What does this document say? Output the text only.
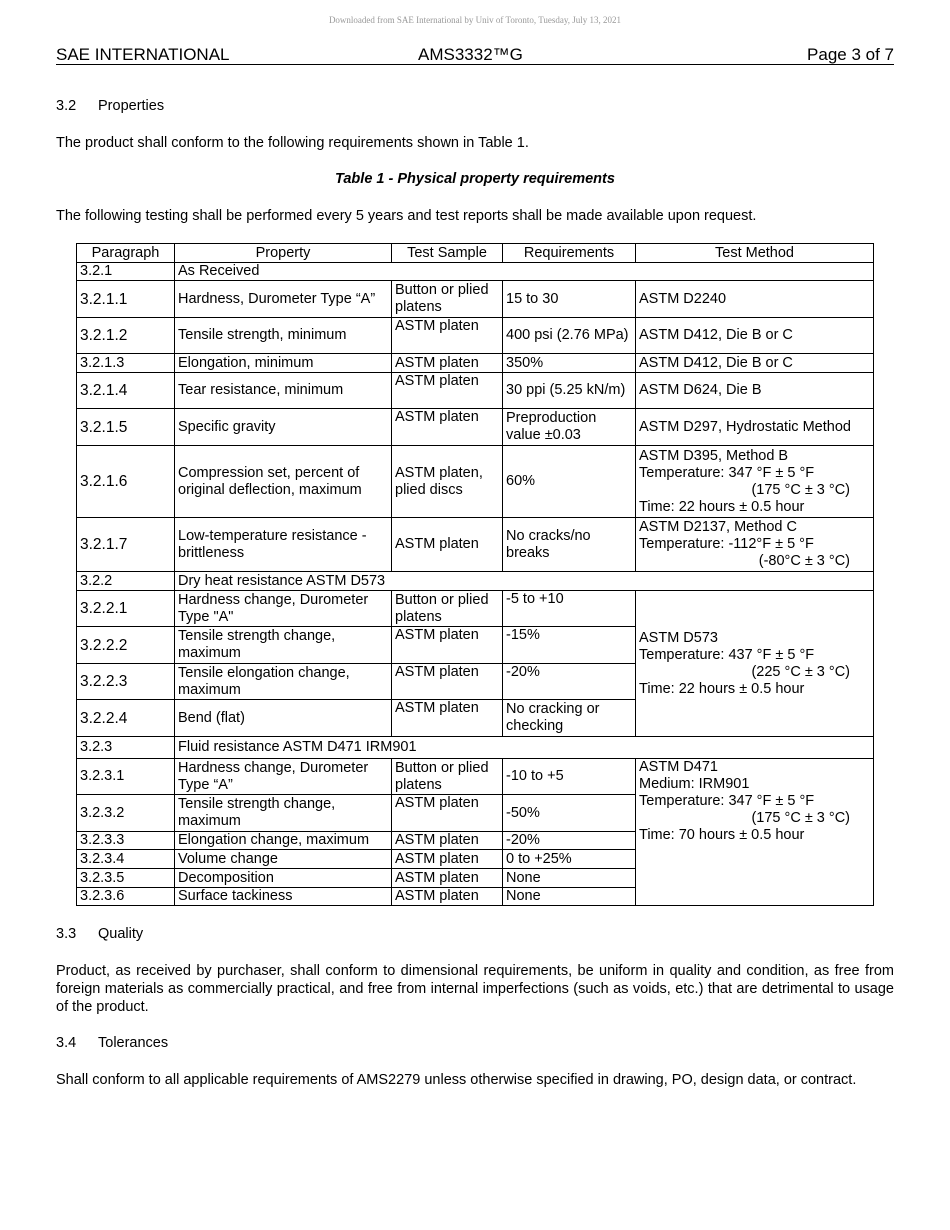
Downloaded from SAE International by Univ of Toronto, Tuesday, July 13, 2021
SAE INTERNATIONAL	AMS3332™G	Page 3 of 7
3.2 Properties
The product shall conform to the following requirements shown in Table 1.
Table 1 - Physical property requirements
The following testing shall be performed every 5 years and test reports shall be made available upon request.
Paragraph	Property	Test Sample	Requirements	Test Method
3.2.1	As Received			
3.2.1.1	Hardness, Durometer Type “A”	Button or plied platens	15 to 30	ASTM D2240
3.2.1.2	Tensile strength, minimum	ASTM platen	400 psi (2.76 MPa)	ASTM D412, Die B or C
3.2.1.3	Elongation, minimum	ASTM platen	350%	ASTM D412, Die B or C
3.2.1.4	Tear resistance, minimum	ASTM platen	30 ppi (5.25 kN/m)	ASTM D624, Die B
3.2.1.5	Specific gravity	ASTM platen	Preproduction value ±0.03	ASTM D297, Hydrostatic Method
3.2.1.6	Compression set, percent of original deflection, maximum	ASTM platen, plied discs	60%	ASTM D395, Method B
Temperature: 347 °F ± 5 °F
(175 °C ± 3 °C)
Time: 22 hours ± 0.5 hour

3.2.1.7	Low-temperature resistance - brittleness	ASTM platen	No cracks/no breaks	ASTM D2137, Method C
Temperature: -112°F ± 5 °F
(-80°C ± 3 °C)

3.2.2	Dry heat resistance ASTM D573			
3.2.2.1	Hardness change, Durometer Type "A"	Button or plied platens	-5 to +10	ASTM D573
Temperature: 437 °F ± 5 °F
(225 °C ± 3 °C)
Time: 22 hours ± 0.5 hour

3.2.2.2	Tensile strength change, maximum	ASTM platen	-15%	
3.2.2.3	Tensile elongation change, maximum	ASTM platen	-20%	
3.2.2.4	Bend (flat)	ASTM platen	No cracking or checking	
3.2.3	Fluid resistance ASTM D471 IRM901			
3.2.3.1	Hardness change, Durometer Type “A”	Button or plied platens	-10 to +5	ASTM D471
Medium: IRM901
Temperature: 347 °F ± 5 °F
(175 °C ± 3 °C)
Time: 70 hours ± 0.5 hour

3.2.3.2	Tensile strength change, maximum	ASTM platen	-50%	
3.2.3.3	Elongation change, maximum	ASTM platen	-20%	
3.2.3.4	Volume change	ASTM platen	0 to +25%	
3.2.3.5	Decomposition	ASTM platen	None	
3.2.3.6	Surface tackiness	ASTM platen	None	
3.3 Quality
Product, as received by purchaser, shall conform to dimensional requirements, be uniform in quality and condition, as free from foreign materials as commercially practical, and free from internal imperfections (such as voids, etc.) that are detrimental to usage of the product.
3.4 Tolerances
Shall conform to all applicable requirements of AMS2279 unless otherwise specified in drawing, PO, design data, or contract.
